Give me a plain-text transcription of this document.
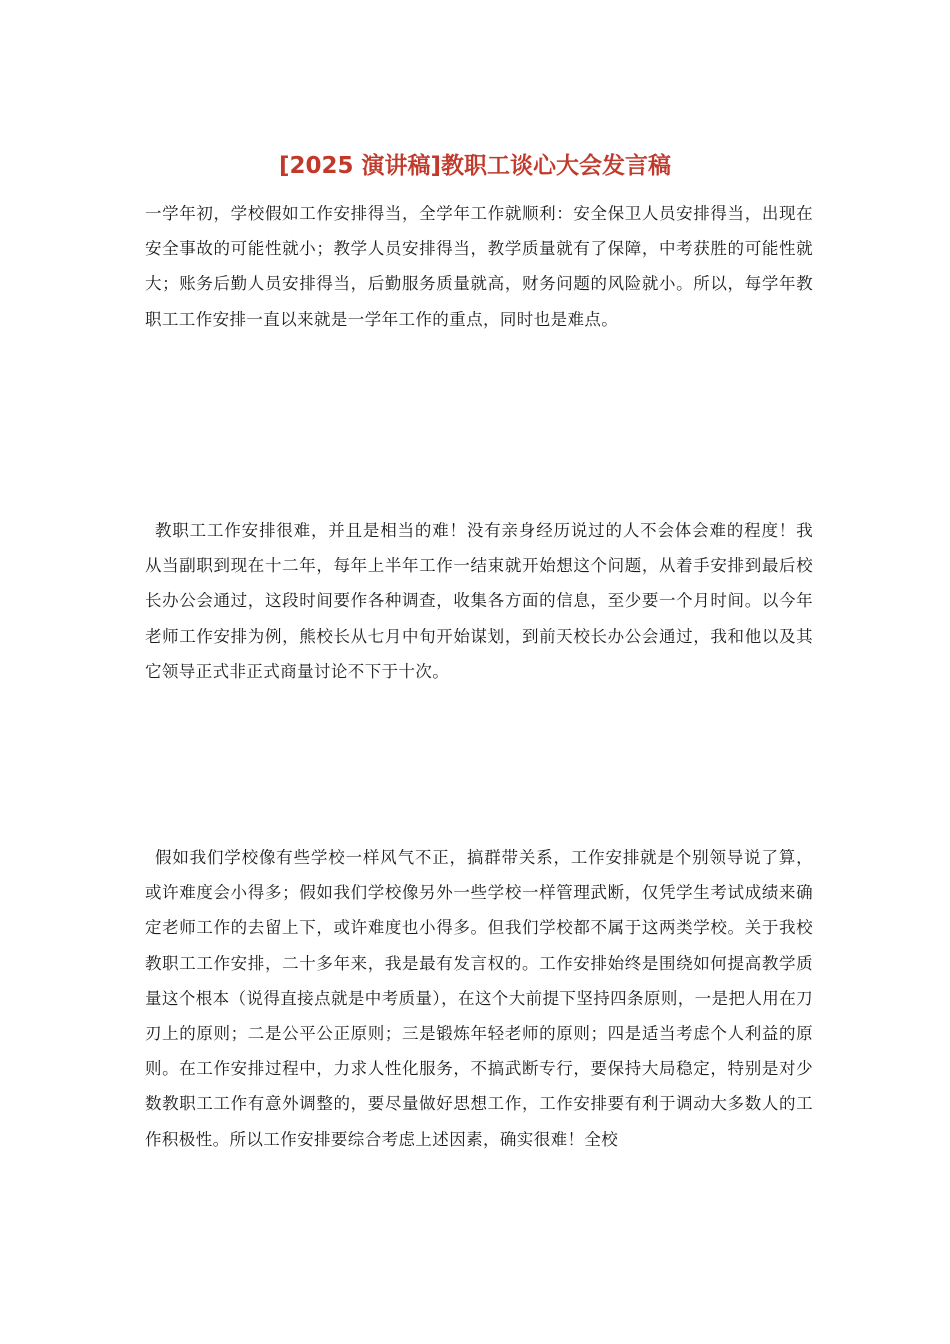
[2025 演讲稿]教职工谈心大会发言稿

一学年初，学校假如工作安排得当，全学年工作就顺利：安全保卫人员安排得当，出现在安全事故的可能性就小；教学人员安排得当，教学质量就有了保障，中考获胜的可能性就大；账务后勤人员安排得当，后勤服务质量就高，财务问题的风险就小。所以，每学年教职工工作安排一直以来就是一学年工作的重点，同时也是难点。

教职工工作安排很难，并且是相当的难！没有亲身经历说过的人不会体会难的程度！我从当副职到现在十二年，每年上半年工作一结束就开始想这个问题，从着手安排到最后校长办公会通过，这段时间要作各种调查，收集各方面的信息，至少要一个月时间。以今年老师工作安排为例，熊校长从七月中旬开始谋划，到前天校长办公会通过，我和他以及其它领导正式非正式商量讨论不下于十次。

假如我们学校像有些学校一样风气不正，搞群带关系，工作安排就是个别领导说了算，或许难度会小得多；假如我们学校像另外一些学校一样管理武断，仅凭学生考试成绩来确定老师工作的去留上下，或许难度也小得多。但我们学校都不属于这两类学校。关于我校教职工工作安排，二十多年来，我是最有发言权的。工作安排始终是围绕如何提高教学质量这个根本（说得直接点就是中考质量），在这个大前提下坚持四条原则，一是把人用在刀刃上的原则；二是公平公正原则；三是锻炼年轻老师的原则；四是适当考虑个人利益的原则。在工作安排过程中，力求人性化服务，不搞武断专行，要保持大局稳定，特别是对少数教职工工作有意外调整的，要尽量做好思想工作，工作安排要有利于调动大多数人的工作积极性。所以工作安排要综合考虑上述因素，确实很难！全校
